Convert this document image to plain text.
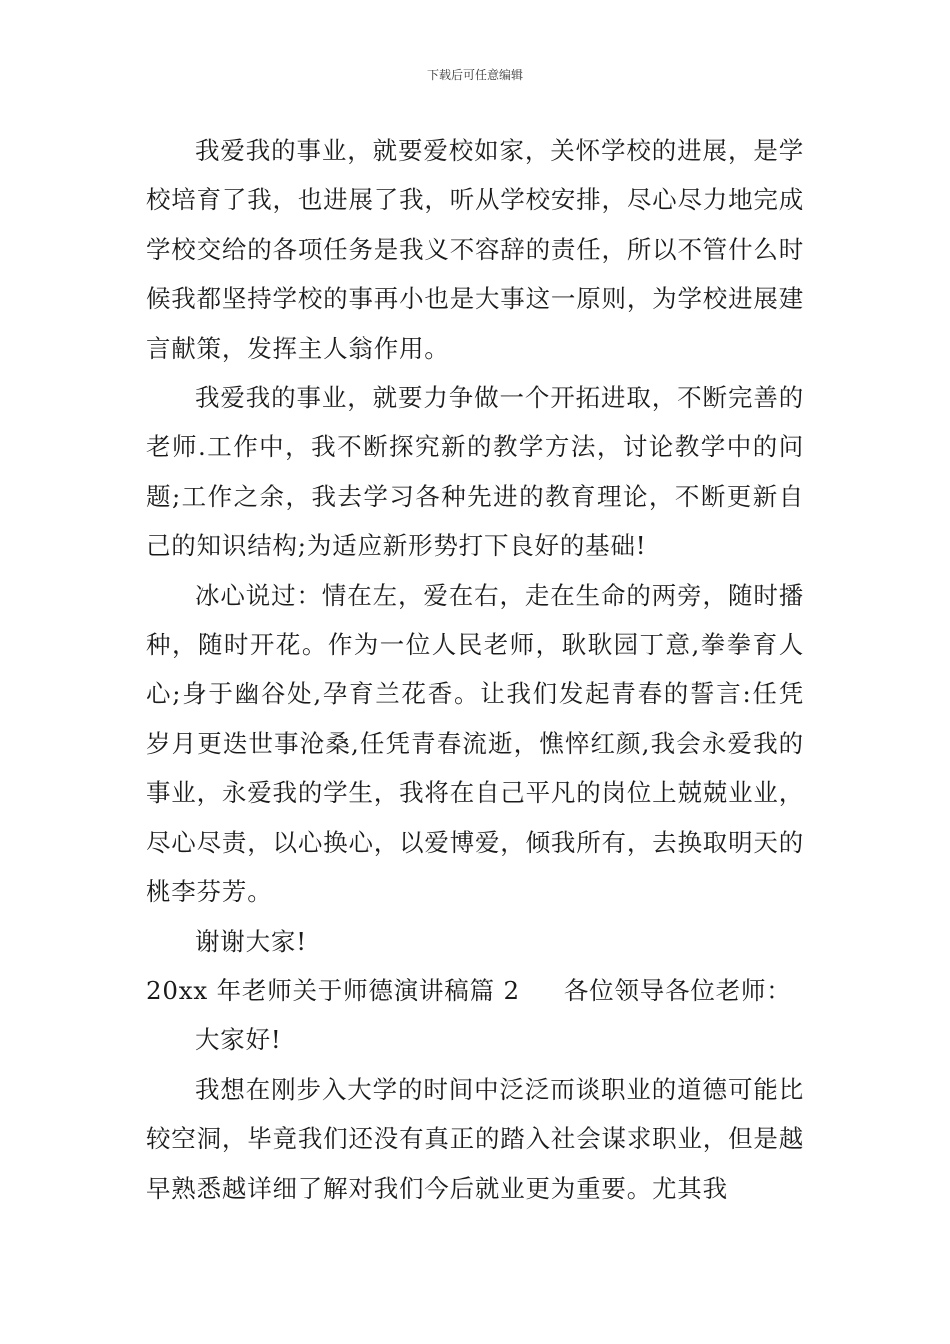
下载后可任意编辑

我爱我的事业，就要爱校如家，关怀学校的进展，是学校培育了我，也进展了我，听从学校安排，尽心尽力地完成学校交给的各项任务是我义不容辞的责任，所以不管什么时候我都坚持学校的事再小也是大事这一原则，为学校进展建言献策，发挥主人翁作用。

我爱我的事业，就要力争做一个开拓进取，不断完善的老师.工作中，我不断探究新的教学方法，讨论教学中的问题;工作之余，我去学习各种先进的教育理论，不断更新自己的知识结构;为适应新形势打下良好的基础!

冰心说过：情在左，爱在右，走在生命的两旁，随时播种，随时开花。作为一位人民老师，耿耿园丁意,拳拳育人心;身于幽谷处,孕育兰花香。让我们发起青春的誓言:任凭岁月更迭世事沧桑,任凭青春流逝，憔悴红颜,我会永爱我的事业，永爱我的学生，我将在自己平凡的岗位上兢兢业业，尽心尽责，以心换心，以爱博爱，倾我所有，去换取明天的桃李芬芳。

谢谢大家!

20xx 年老师关于师德演讲稿篇 2 各位领导各位老师：

大家好!

我想在刚步入大学的时间中泛泛而谈职业的道德可能比较空洞，毕竟我们还没有真正的踏入社会谋求职业，但是越早熟悉越详细了解对我们今后就业更为重要。尤其我
